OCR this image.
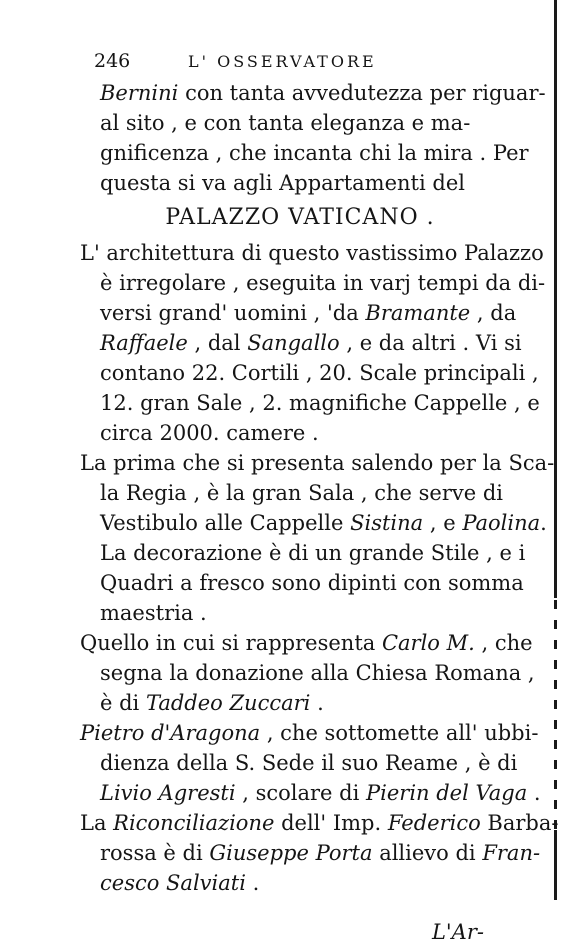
246	L' OSSERVATORE
Bernini con tanta avvedutezza per riguar-
al sito , e con tanta eleganza e ma-
gnificenza , che incanta chi la mira . Per
questa si va agli Appartamenti del
PALAZZO VATICANO .
L' architettura di questo vastissimo Palazzo
è irregolare , eseguita in varj tempi da di-
versi grand' uomini , 'da Bramante , da
Raffaele , dal Sangallo , e da altri . Vi si
contano 22. Cortili , 20. Scale principali ,
12. gran Sale , 2. magnifiche Cappelle , e
circa 2000. camere .
La prima che si presenta salendo per la Sca-
la Regia , è la gran Sala , che serve di
Vestibulo alle Cappelle Sistina , e Paolina.
La decorazione è di un grande Stile , e i
Quadri a fresco sono dipinti con somma
maestria .
Quello in cui si rappresenta Carlo M. , che
segna la donazione alla Chiesa Romana ,
è di Taddeo Zuccari .
Pietro d'Aragona , che sottomette all' ubbi-
dienza della S. Sede il suo Reame , è di
Livio Agresti , scolare di Pierin del Vaga .
La Riconciliazione dell' Imp. Federico Barba-
rossa è di Giuseppe Porta allievo di Fran-
cesco Salviati .
L'Ar-
